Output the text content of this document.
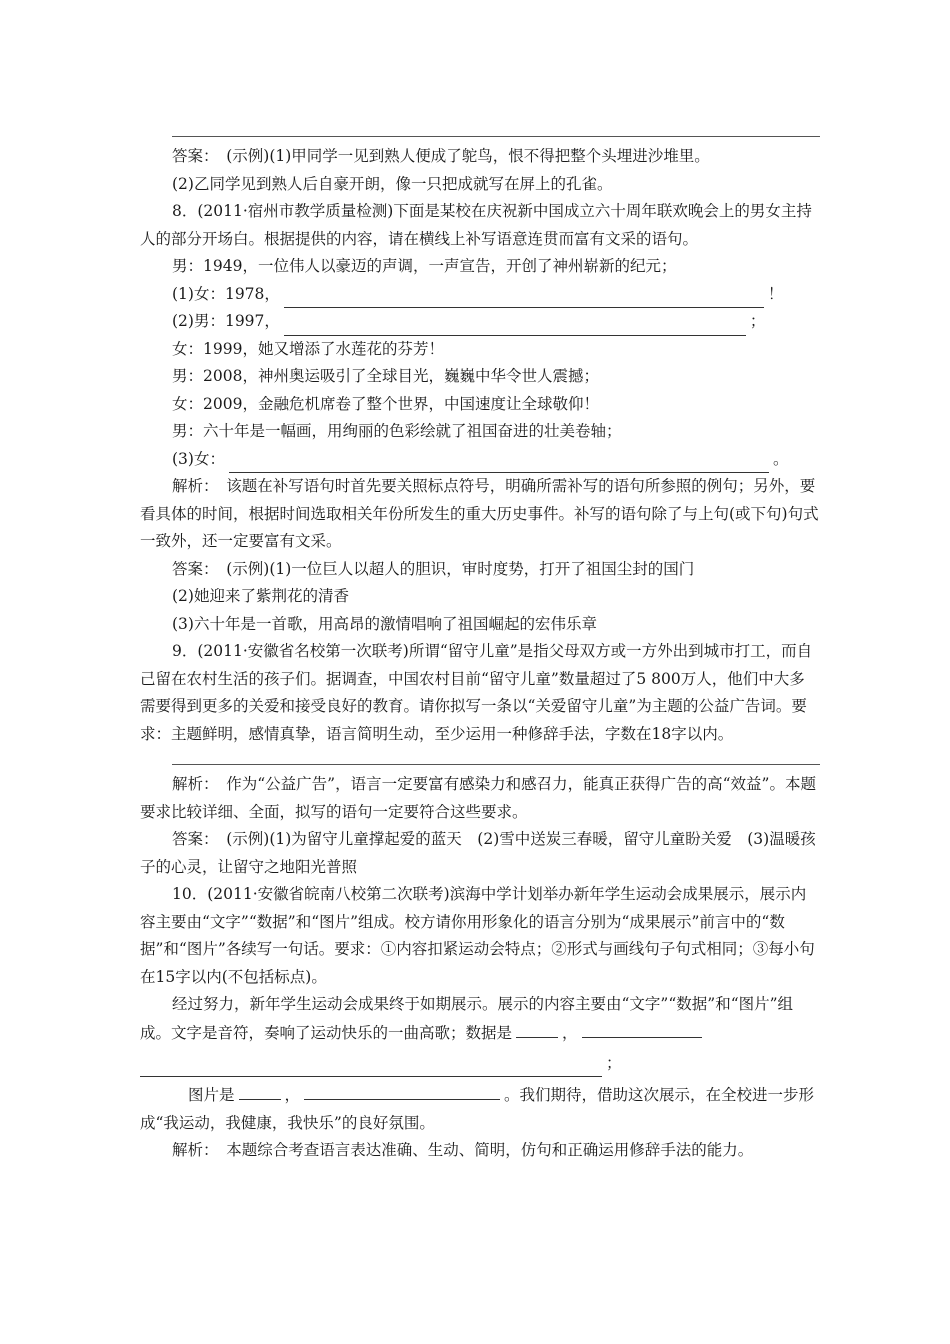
答案：　(示例)(1)甲同学一见到熟人便成了鸵鸟，恨不得把整个头埋进沙堆里。

(2)乙同学见到熟人后自豪开朗，像一只把成就写在屏上的孔雀。

8．(2011·宿州市教学质量检测)下面是某校在庆祝新中国成立六十周年联欢晚会上的男女主持人的部分开场白。根据提供的内容，请在横线上补写语意连贯而富有文采的语句。

男：1949，一位伟人以豪迈的声调，一声宣告，开创了神州崭新的纪元；

(1)女：1978，	！
(2)男：1997，	；

女：1999，她又增添了水莲花的芬芳！

男：2008，神州奥运吸引了全球目光，巍巍中华令世人震撼；

女：2009，金融危机席卷了整个世界，中国速度让全球敬仰！

男：六十年是一幅画，用绚丽的色彩绘就了祖国奋进的壮美卷轴；

(3)女：	。

解析：　该题在补写语句时首先要关照标点符号，明确所需补写的语句所参照的例句；另外，要看具体的时间，根据时间选取相关年份所发生的重大历史事件。补写的语句除了与上句(或下句)句式一致外，还一定要富有文采。

答案：　(示例)(1)一位巨人以超人的胆识，审时度势，打开了祖国尘封的国门

(2)她迎来了紫荆花的清香

(3)六十年是一首歌，用高昂的激情唱响了祖国崛起的宏伟乐章

9．(2011·安徽省名校第一次联考)所谓“留守儿童”是指父母双方或一方外出到城市打工，而自己留在农村生活的孩子们。据调查，中国农村目前“留守儿童”数量超过了5 800万人，他们中大多需要得到更多的关爱和接受良好的教育。请你拟写一条以“关爱留守儿童”为主题的公益广告词。要求：主题鲜明，感情真挚，语言简明生动，至少运用一种修辞手法，字数在18字以内。

解析：　作为“公益广告”，语言一定要富有感染力和感召力，能真正获得广告的高“效益”。本题要求比较详细、全面，拟写的语句一定要符合这些要求。

答案：　(示例)(1)为留守儿童撑起爱的蓝天　(2)雪中送炭三春暖，留守儿童盼关爱　(3)温暖孩子的心灵，让留守之地阳光普照

10．(2011·安徽省皖南八校第二次联考)滨海中学计划举办新年学生运动会成果展示，展示内容主要由“文字”“数据”和“图片”组成。校方请你用形象化的语言分别为“成果展示”前言中的“数据”和“图片”各续写一句话。要求：①内容扣紧运动会特点；②形式与画线句子句式相同；③每小句在15字以内(不包括标点)。

经过努力，新年学生运动会成果终于如期展示。展示的内容主要由“文字”“数据”和“图片”组成。文字是音符，奏响了运动快乐的一曲高歌；数据是	，

；

图片是	，	。我们期待，借助这次展示，在全校进一步形成“我运动，我健康，我快乐”的良好氛围。

解析：　本题综合考查语言表达准确、生动、简明，仿句和正确运用修辞手法的能力。
